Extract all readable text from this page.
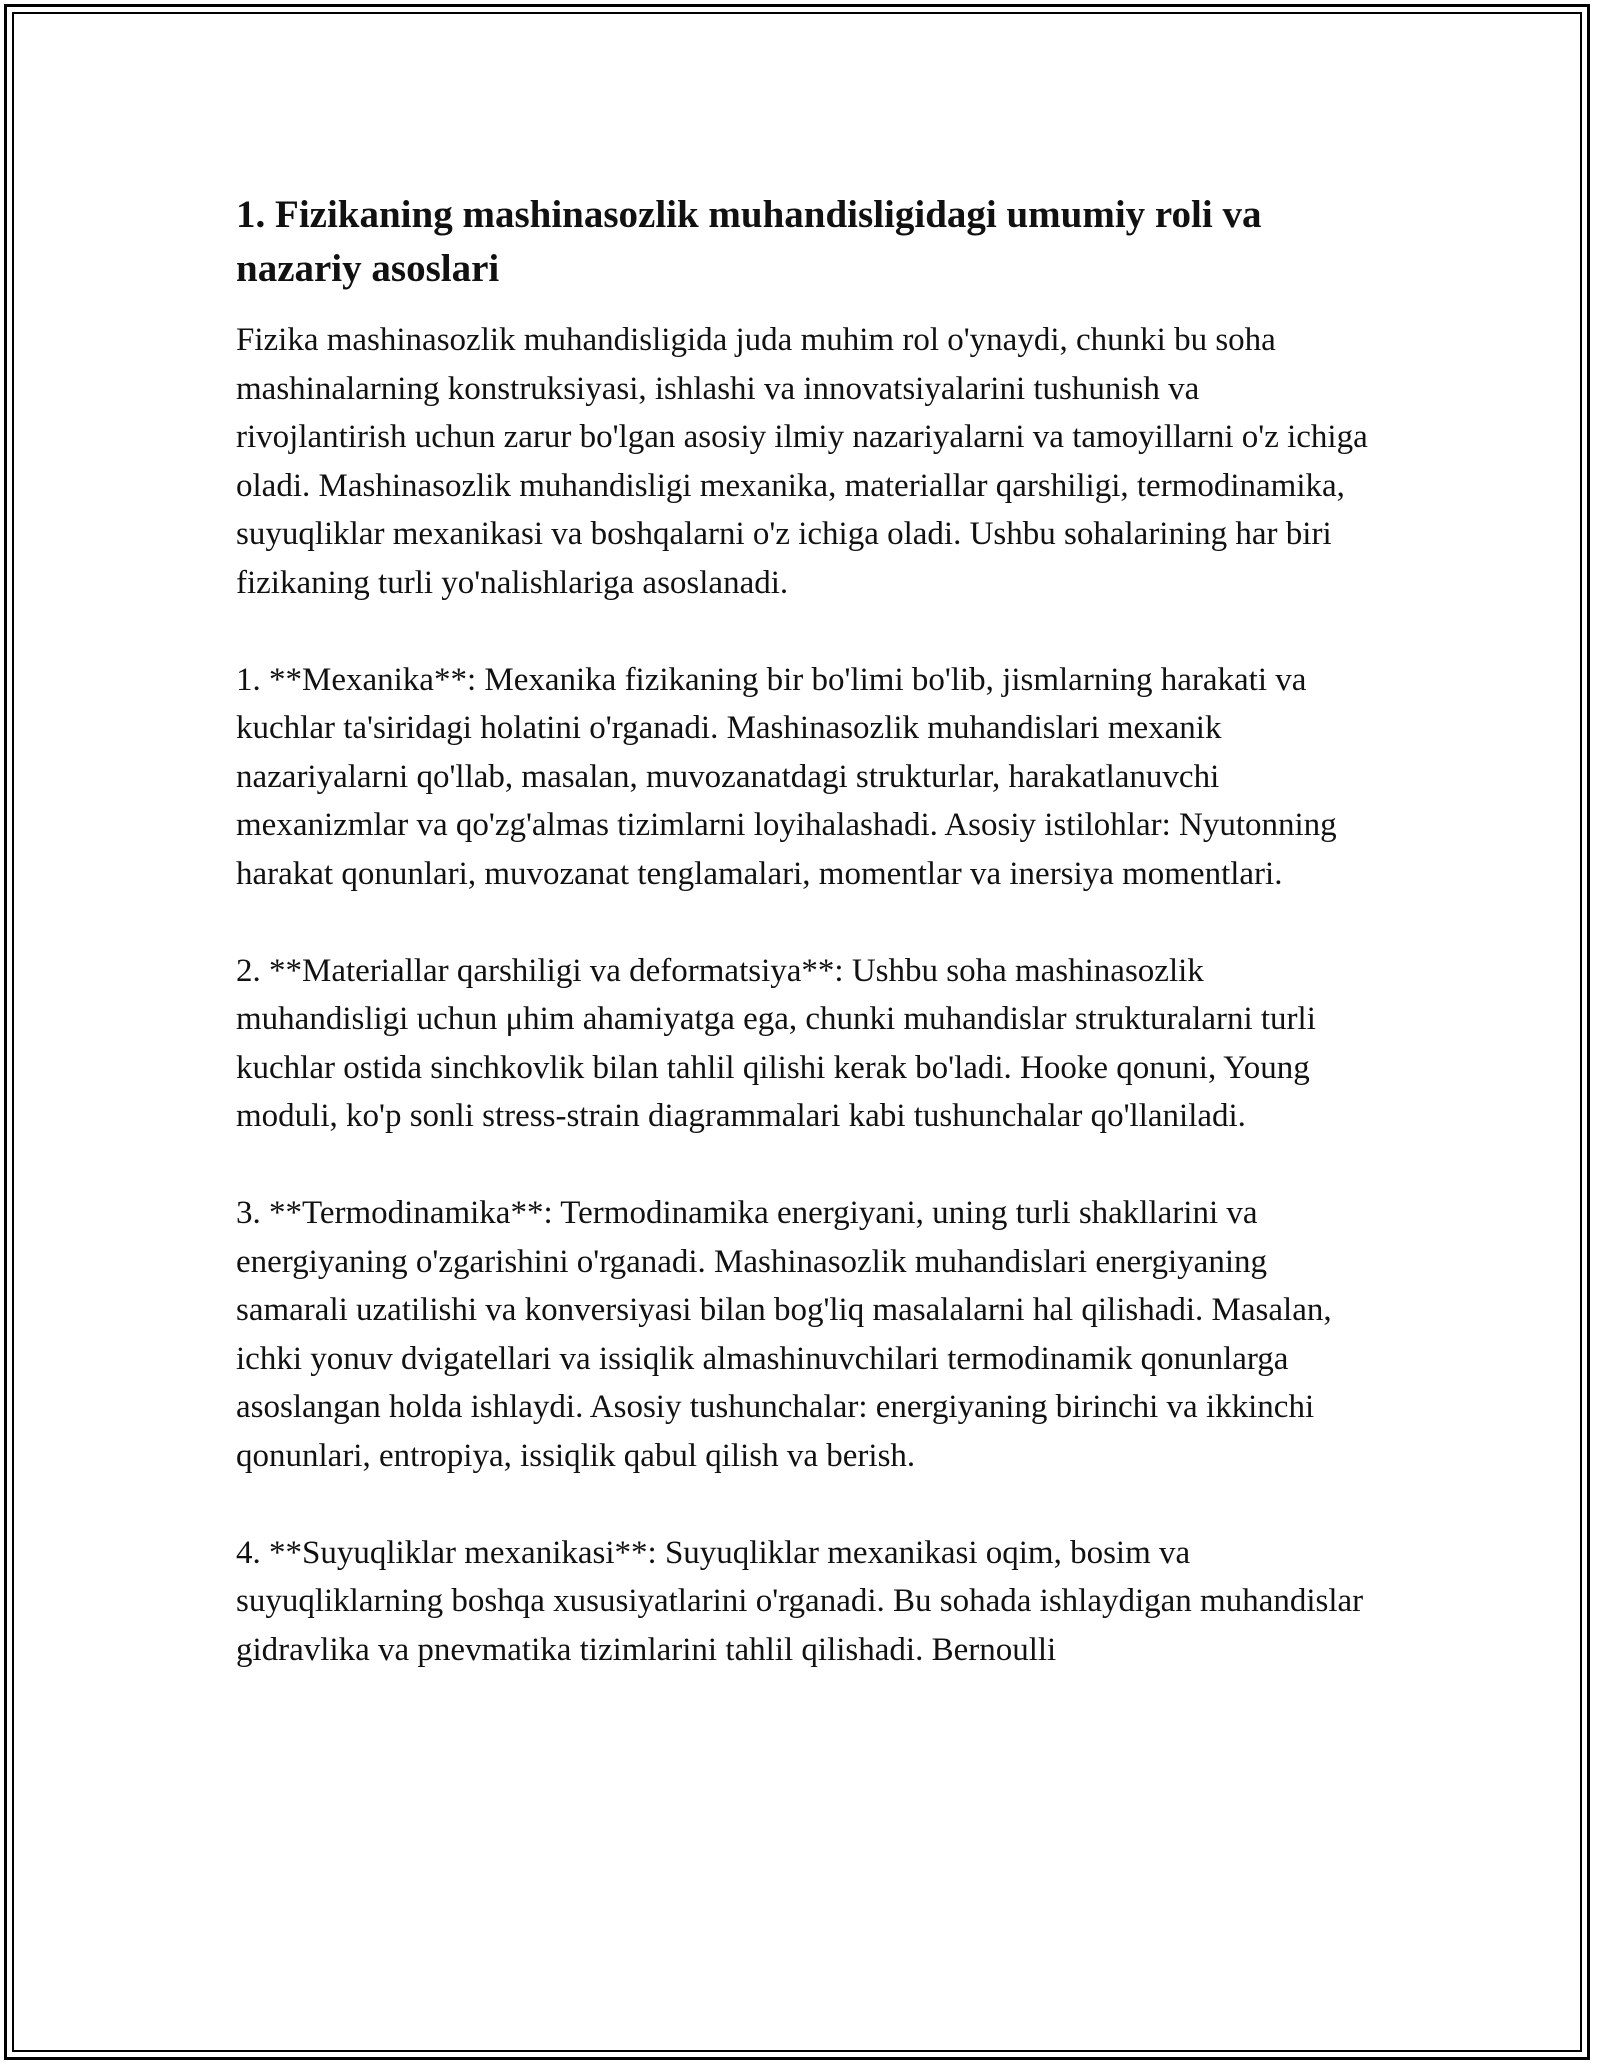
1. Fizikaning mashinasozlik muhandisligidagi umumiy roli va nazariy asoslari

Fizika mashinasozlik muhandisligida juda muhim rol o'ynaydi, chunki bu soha mashinalarning konstruksiyasi, ishlashi va innovatsiyalarini tushunish va rivojlantirish uchun zarur bo'lgan asosiy ilmiy nazariyalarni va tamoyillarni o'z ichiga oladi. Mashinasozlik muhandisligi mexanika, materiallar qarshiligi, termodinamika, suyuqliklar mexanikasi va boshqalarni o'z ichiga oladi. Ushbu sohalarining har biri fizikaning turli yo'nalishlariga asoslanadi.

1. **Mexanika**: Mexanika fizikaning bir bo'limi bo'lib, jismlarning harakati va kuchlar ta'siridagi holatini o'rganadi. Mashinasozlik muhandislari mexanik nazariyalarni qo'llab, masalan, muvozanatdagi strukturlar, harakatlanuvchi mexanizmlar va qo'zg'almas tizimlarni loyihalashadi. Asosiy istilohlar: Nyutonning harakat qonunlari, muvozanat tenglamalari, momentlar va inersiya momentlari.

2. **Materiallar qarshiligi va deformatsiya**: Ushbu soha mashinasozlik muhandisligi uchun μhim ahamiyatga ega, chunki muhandislar strukturalarni turli kuchlar ostida sinchkovlik bilan tahlil qilishi kerak bo'ladi. Hooke qonuni, Young moduli, ko'p sonli stress-strain diagrammalari kabi tushunchalar qo'llaniladi.

3. **Termodinamika**: Termodinamika energiyani, uning turli shakllarini va energiyaning o'zgarishini o'rganadi. Mashinasozlik muhandislari energiyaning samarali uzatilishi va konversiyasi bilan bog'liq masalalarni hal qilishadi. Masalan, ichki yonuv dvigatellari va issiqlik almashinuvchilari termodinamik qonunlarga asoslangan holda ishlaydi. Asosiy tushunchalar: energiyaning birinchi va ikkinchi qonunlari, entropiya, issiqlik qabul qilish va berish.

4. **Suyuqliklar mexanikasi**: Suyuqliklar mexanikasi oqim, bosim va suyuqliklarning boshqa xususiyatlarini o'rganadi. Bu sohada ishlaydigan muhandislar gidravlika va pnevmatika tizimlarini tahlil qilishadi. Bernoulli
